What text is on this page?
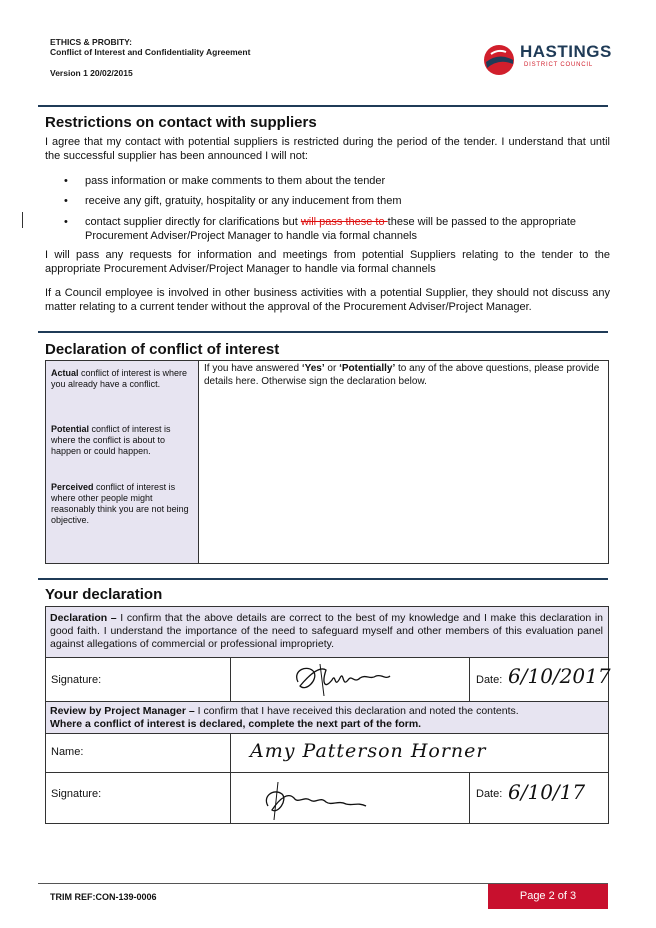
ETHICS & PROBITY:
Conflict of Interest and Confidentiality Agreement
Version 1 20/02/2015
HASTINGS
DISTRICT COUNCIL
Restrictions on contact with suppliers
I agree that my contact with potential suppliers is restricted during the period of the tender. I understand that until the successful supplier has been announced I will not:
• pass information or make comments to them about the tender
• receive any gift, gratuity, hospitality or any inducement from them
• contact supplier directly for clarifications but will pass these to these will be passed to the appropriate Procurement Adviser/Project Manager to handle via formal channels
I will pass any requests for information and meetings from potential Suppliers relating to the tender to the appropriate Procurement Adviser/Project Manager to handle via formal channels
If a Council employee is involved in other business activities with a potential Supplier, they should not discuss any matter relating to a current tender without the approval of the Procurement Adviser/Project Manager.
Declaration of conflict of interest
Actual conflict of interest is where you already have a conflict.
Potential conflict of interest is where the conflict is about to happen or could happen.
Perceived conflict of interest is where other people might reasonably think you are not being objective.
If you have answered ‘Yes’ or ‘Potentially’ to any of the above questions, please provide details here. Otherwise sign the declaration below.
Your declaration
Declaration – I confirm that the above details are correct to the best of my knowledge and I make this declaration in good faith. I understand the importance of the need to safeguard myself and other members of this evaluation panel against allegations of commercial or professional impropriety.
Signature:	Date: 6/10/2017
Review by Project Manager – I confirm that I have received this declaration and noted the contents.
Where a conflict of interest is declared, complete the next part of the form.
Name:	Amy Patterson Horner
Signature:	Date: 6/10/17
TRIM REF:CON-139-0006	Page 2 of 3
